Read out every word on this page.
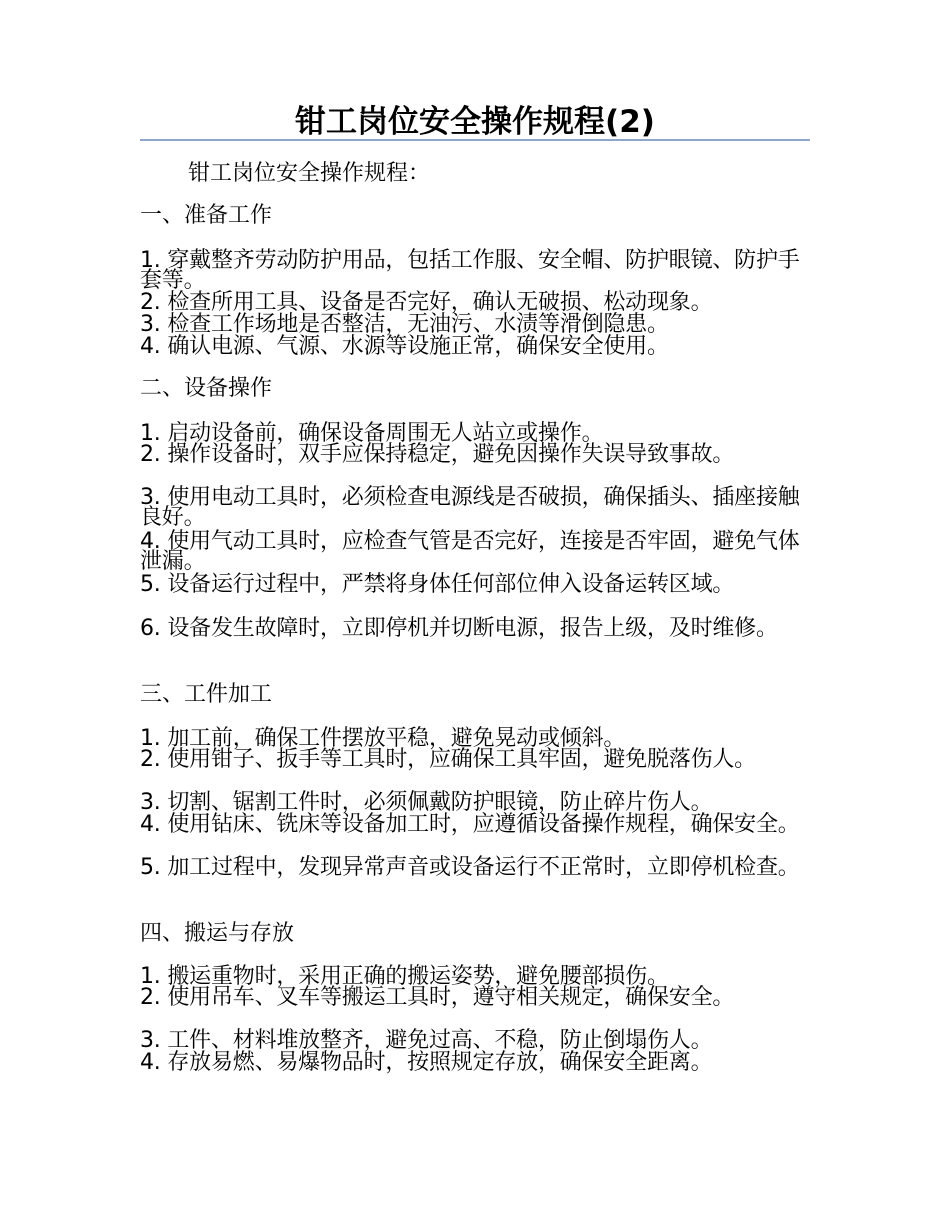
钳工岗位安全操作规程(2)
钳工岗位安全操作规程：
一、准备工作
1. 穿戴整齐劳动防护用品，包括工作服、安全帽、防护眼镜、防护手套等。
2. 检查所用工具、设备是否完好，确认无破损、松动现象。
3. 检查工作场地是否整洁，无油污、水渍等滑倒隐患。
4. 确认电源、气源、水源等设施正常，确保安全使用。
二、设备操作
1. 启动设备前，确保设备周围无人站立或操作。
2. 操作设备时，双手应保持稳定，避免因操作失误导致事故。
3. 使用电动工具时，必须检查电源线是否破损，确保插头、插座接触良好。
4. 使用气动工具时，应检查气管是否完好，连接是否牢固，避免气体泄漏。
5. 设备运行过程中，严禁将身体任何部位伸入设备运转区域。
6. 设备发生故障时，立即停机并切断电源，报告上级，及时维修。
三、工件加工
1. 加工前，确保工件摆放平稳，避免晃动或倾斜。
2. 使用钳子、扳手等工具时，应确保工具牢固，避免脱落伤人。
3. 切割、锯割工件时，必须佩戴防护眼镜，防止碎片伤人。
4. 使用钻床、铣床等设备加工时，应遵循设备操作规程，确保安全。
5. 加工过程中，发现异常声音或设备运行不正常时，立即停机检查。
四、搬运与存放
1. 搬运重物时，采用正确的搬运姿势，避免腰部损伤。
2. 使用吊车、叉车等搬运工具时，遵守相关规定，确保安全。
3. 工件、材料堆放整齐，避免过高、不稳，防止倒塌伤人。
4. 存放易燃、易爆物品时，按照规定存放，确保安全距离。
